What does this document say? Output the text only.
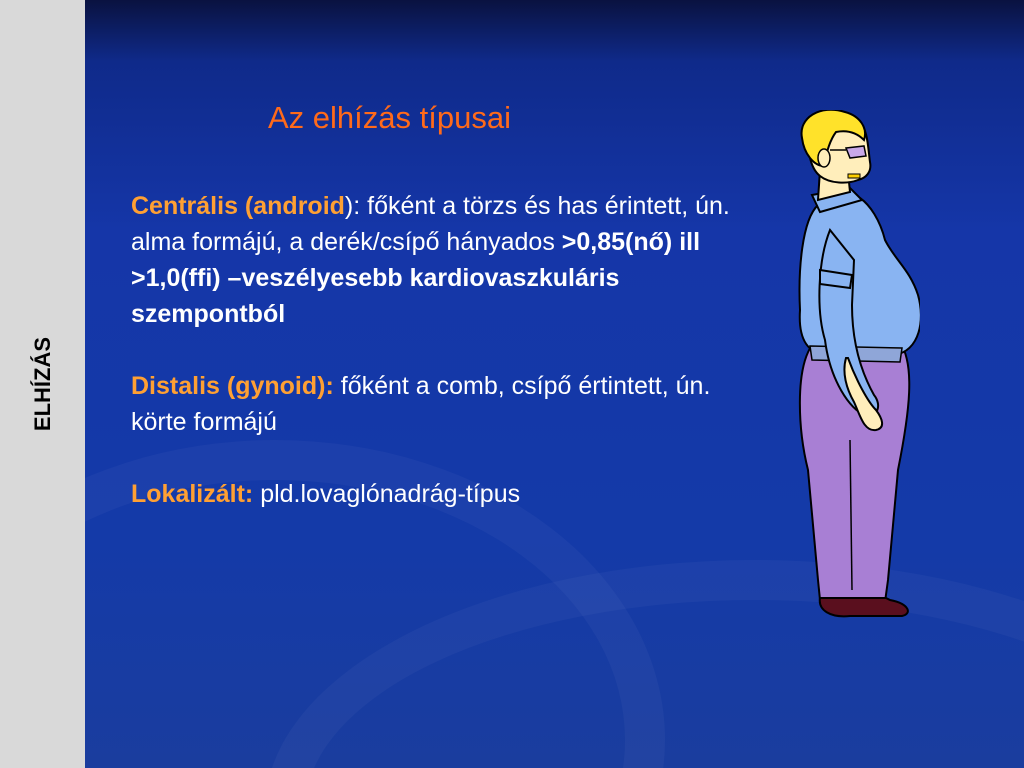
ELHÍZÁS
Az elhízás típusai

Centrális (android): főként a törzs és has érintett, ún. alma formájú, a derék/csípő hányados >0,85(nő) ill >1,0(ffi) –veszélyesebb kardiovaszkuláris szempontból

Distalis (gynoid): főként a comb, csípő értintett, ún. körte formájú

Lokalizált: pld.lovaglónadrág-típus
